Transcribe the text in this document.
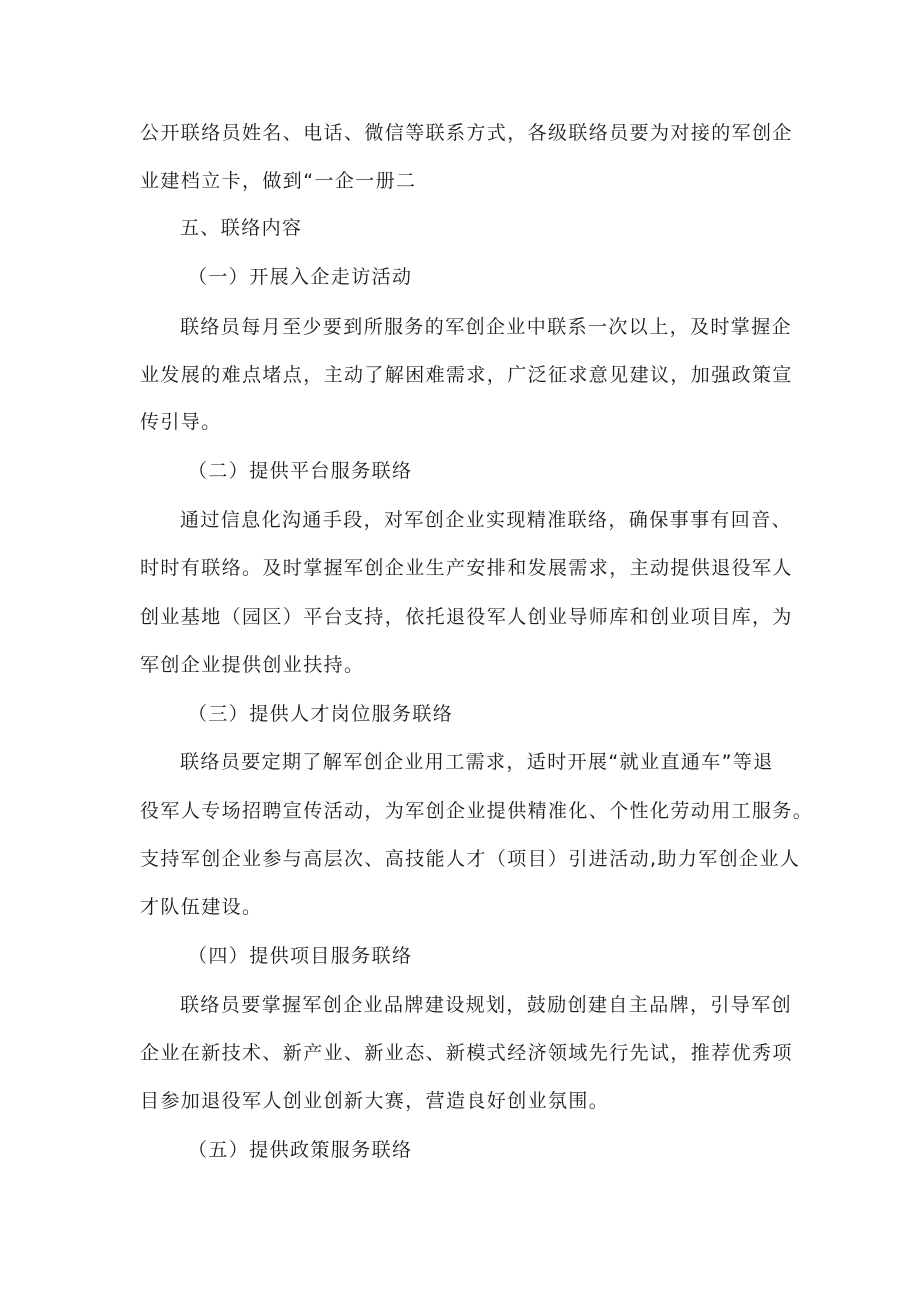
公开联络员姓名、电话、微信等联系方式，各级联络员要为对接的军创企
业建档立卡，做到“一企一册二
五、联络内容
（一）开展入企走访活动
联络员每月至少要到所服务的军创企业中联系一次以上，及时掌握企
业发展的难点堵点，主动了解困难需求，广泛征求意见建议，加强政策宣
传引导。
（二）提供平台服务联络
通过信息化沟通手段，对军创企业实现精准联络，确保事事有回音、
时时有联络。及时掌握军创企业生产安排和发展需求，主动提供退役军人
创业基地（园区）平台支持，依托退役军人创业导师库和创业项目库，为
军创企业提供创业扶持。
（三）提供人才岗位服务联络
联络员要定期了解军创企业用工需求，适时开展“就业直通车”等退
役军人专场招聘宣传活动，为军创企业提供精准化、个性化劳动用工服务。
支持军创企业参与高层次、高技能人才（项目）引进活动,助力军创企业人
才队伍建设。
（四）提供项目服务联络
联络员要掌握军创企业品牌建设规划，鼓励创建自主品牌，引导军创
企业在新技术、新产业、新业态、新模式经济领域先行先试，推荐优秀项
目参加退役军人创业创新大赛，营造良好创业氛围。
（五）提供政策服务联络
